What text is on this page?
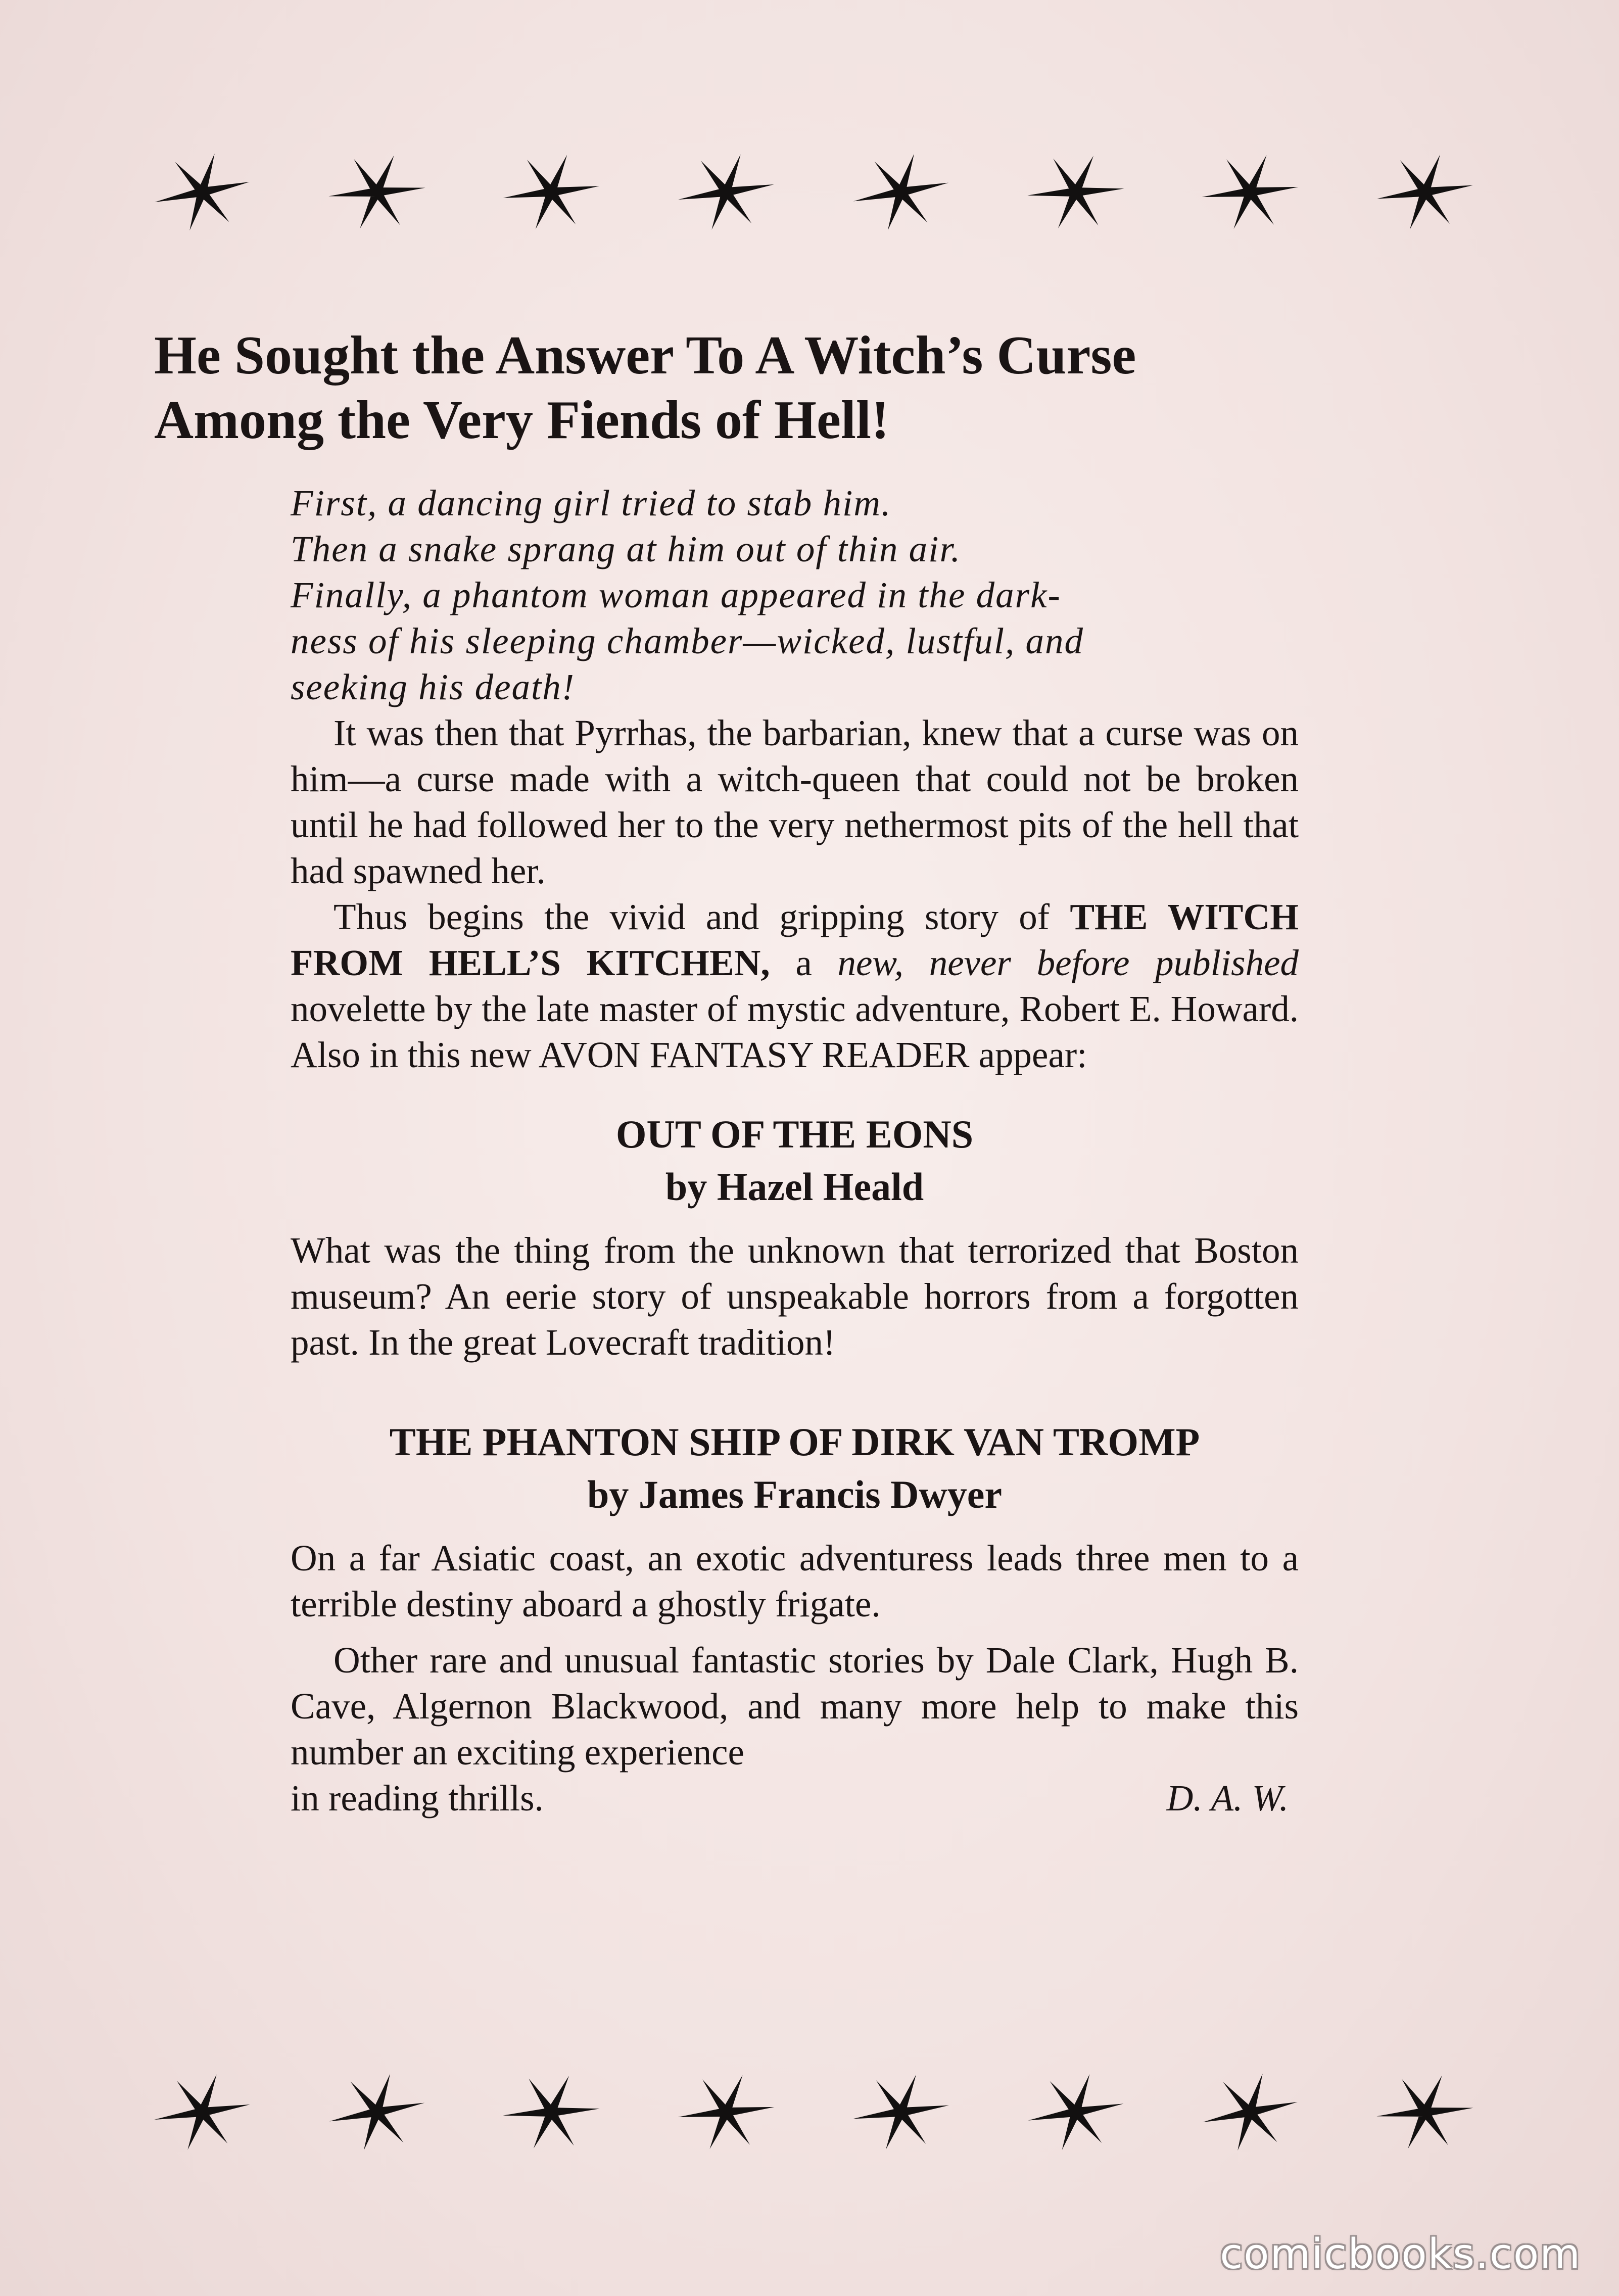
He Sought the Answer To A Witch’s Curse
Among the Very Fiends of Hell!

First, a dancing girl tried to stab him.
Then a snake sprang at him out of thin air.
Finally, a phantom woman appeared in the dark-
ness of his sleeping chamber—wicked, lustful, and
seeking his death!

It was then that Pyrrhas, the barbarian, knew that a curse was on him—a curse made with a witch-queen that could not be broken until he had followed her to the very nethermost pits of the hell that had spawned her.

Thus begins the vivid and gripping story of THE WITCH FROM HELL’S KITCHEN, a new, never before published novelette by the late master of mystic adventure, Robert E. Howard. Also in this new AVON FANTASY READER appear:

OUT OF THE EONS

by Hazel Heald

What was the thing from the unknown that terrorized that Boston museum? An eerie story of unspeakable horrors from a forgotten past. In the great Lovecraft tradition!

THE PHANTON SHIP OF DIRK VAN TROMP

by James Francis Dwyer

On a far Asiatic coast, an exotic adventuress leads three men to a terrible destiny aboard a ghostly frigate.

Other rare and unusual fantastic stories by Dale Clark, Hugh B. Cave, Algernon Blackwood, and many more help to make this number an exciting experience

in reading thrills.	D. A. W.
comicbooks.com
